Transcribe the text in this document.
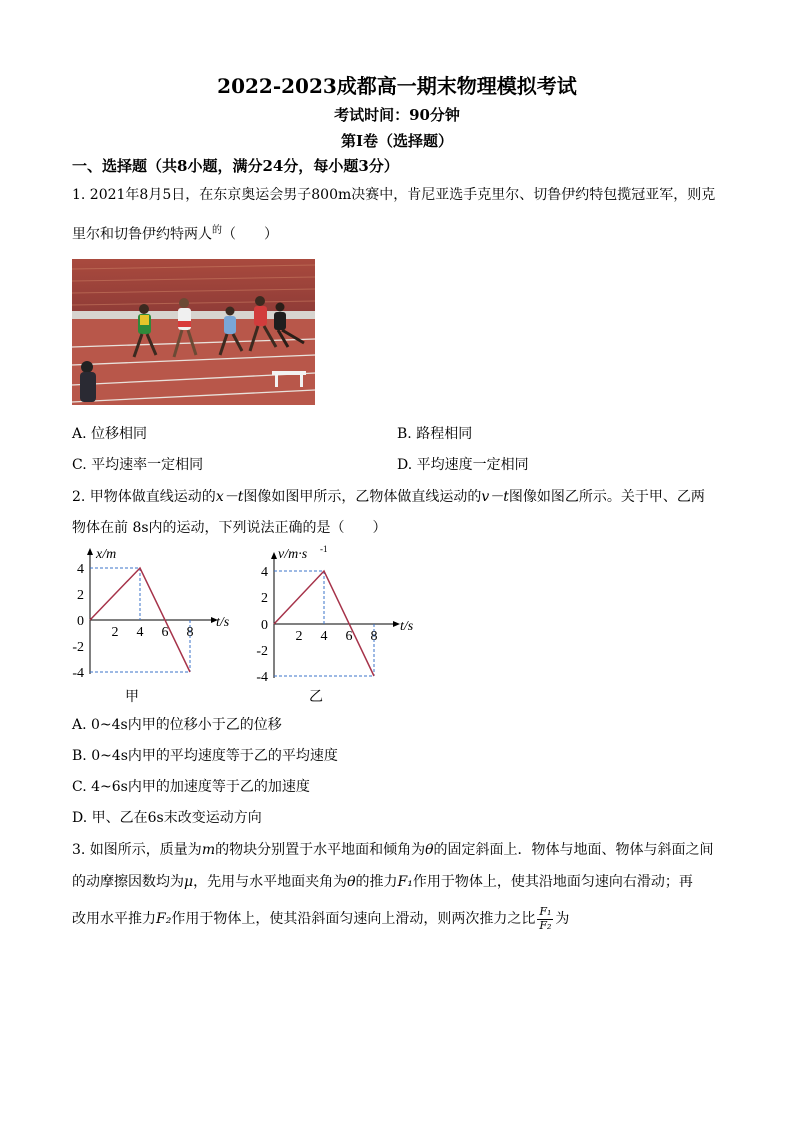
2022-2023成都高一期末物理模拟考试
考试时间：90分钟
第Ⅰ卷（选择题）
一、选择题（共8小题，满分24分，每小题3分）
1. 2021年8月5日，在东京奥运会男子800m决赛中，肯尼亚选手克里尔、切鲁伊约特包揽冠亚军，则克
里尔和切鲁伊约特两人$^的$（　　）
A. 位移相同	B. 路程相同
C. 平均速率一定相同	D. 平均速度一定相同
2. 甲物体做直线运动的x－t图像如图甲所示，乙物体做直线运动的v－t图像如图乙所示。关于甲、乙两
物体在前 8s内的运动，下列说法正确的是（　　）
x/m
t/s
4
2
0
-2
-4
2 4 6 8
甲
v/m·s -1
t/s
4
2
0
-2
-4
2 4 6 8
乙
A. 0~4s内甲的位移小于乙的位移
B. 0~4s内甲的平均速度等于乙的平均速度
C. 4~6s内甲的加速度等于乙的加速度
D. 甲、乙在6s末改变运动方向
3. 如图所示，质量为m的物块分别置于水平地面和倾角为θ的固定斜面上．物体与地面、物体与斜面之间
的动摩擦因数均为μ，先用与水平地面夹角为θ的推力F₁作用于物体上，使其沿地面匀速向右滑动；再
改用水平推力F₂作用于物体上，使其沿斜面匀速向上滑动，则两次推力之比 $\frac{\text{F₁}}{\text{F₂}}$ 为
